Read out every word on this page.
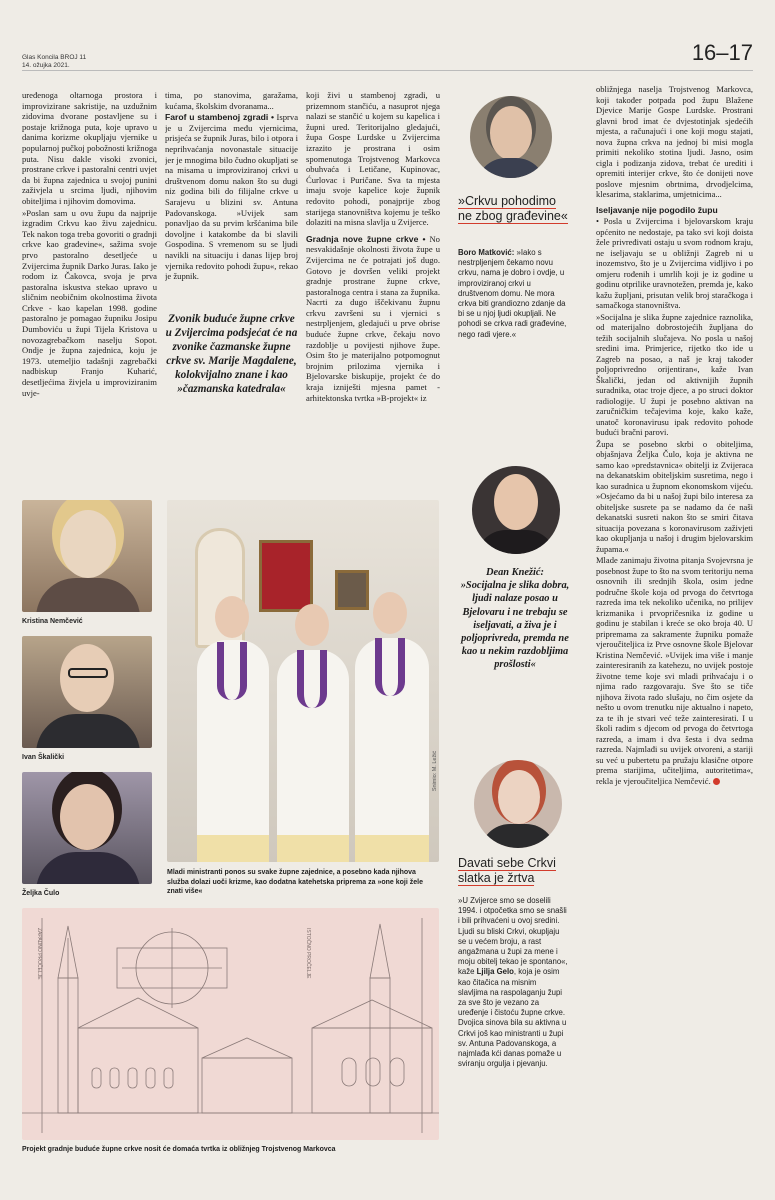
Glas Koncila BROJ 11
14. ožujka 2021.
16–17

uređenoga oltarnoga prostora i improvizirane sakristije, na uzdužnim zidovima dvorane postavljene su i postaje križnoga puta, koje upravo u danima korizme okupljaju vjernike u popularnoj pučkoj pobožnosti križnoga puta. Nisu dakle visoki zvonici, prostrane crkve i pastoralni centri uvjet da bi župna zajednica u svojoj punini zaživjela u srcima ljudi, njihovim obiteljima i njihovim domovima.

»Poslan sam u ovu župu da najprije izgradim Crkvu kao živu zajednicu. Tek nakon toga treba govoriti o gradnji crkve kao građevine«, sažima svoje prvo pastoralno desetljeće u Zvijercima župnik Darko Juras. Iako je rodom iz Čakovca, svoja je prva pastoralna iskustva stekao upravo u sličnim neobičnim okolnostima života Crkve - kao kapelan 1998. godine pastoralno je pomagao župniku Josipu Dumboviću u župi Tijela Kristova u novozagrebačkom naselju Sopot. Ondje je župna zajednica, koju je 1973. utemeljio tadašnji zagrebački nadbiskup Franjo Kuharić, desetljećima živjela u improviziranim uvje-

tima, po stanovima, garažama, kućama, školskim dvoranama...

Farof u stambenoj zgradi • Isprva je u Zvijercima među vjernicima, prisjeća se župnik Juras, bilo i otpora i neprihvaćanja novonastale situacije jer je mnogima bilo čudno okupljati se na misama u improviziranoj crkvi u društvenom domu nakon što su dugi niz godina bili do filijalne crkve u Sarajevu u blizini sv. Antuna Padovanskoga. »Uvijek sam ponavljao da su prvim kršćanima bile dovoljne i katakombe da bi slavili Gospodina. S vremenom su se ljudi navikli na situaciju i danas lijep broj vjernika redovito pohodi župu«, rekao je župnik.

Zvonik buduće župne crkve u Zvijercima podsjećat će na zvonike čazmanske župne crkve sv. Marije Magdalene, kolokvijalno znane i kao »čazmanska katedrala«

koji živi u stambenoj zgradi, u prizemnom stančiću, a nasuprot njega nalazi se stančić u kojem su kapelica i župni ured. Teritorijalno gledajući, župa Gospe Lurdske u Zvijercima izrazito je prostrana i osim spomenutoga Trojstvenog Markovca obuhvaća i Letičane, Kupinovac, Ćurlovac i Puričane. Sva ta mjesta imaju svoje kapelice koje župnik redovito pohodi, ponajprije zbog starijega stanovništva kojemu je teško dolaziti na misna slavlja u Zvijerce.

Gradnja nove župne crkve • No nesvakidašnje okolnosti života župe u Zvijercima ne će potrajati još dugo. Gotovo je dovršen veliki projekt gradnje prostrane župne crkve, pastoralnoga centra i stana za župnika. Nacrti za dugo iščekivanu župnu crkvu završeni su i vjernici s nestrpljenjem, gledajući u prve obrise buduće župne crkve, čekaju novo razdoblje u povijesti njihove župe. Osim što je materijalno potpomognut brojnim prilozima vjernika i Bjelovarske biskupije, projekt će do kraja izniješti mjesna pamet - arhitektonska tvrtka »B-projekt« iz

Kristina Nemčević
Ivan Škalički
Željka Čulo
Snimio: M. Ležić
Mladi ministranti ponos su svake župne zajednice, a posebno kada njihova služba dolazi uoči krizme, kao dodatna katehetska priprema za »one koji žele znati više«
ZAPADNO PROČELJE	ISTOČNO PROČELJE
Projekt gradnje buduće župne crkve nosit će domaća tvrtka iz obližnjeg Trojstvenog Markovca
»Crkvu pohodimo ne zbog građevine«
Boro Matković: »Iako s nestrpljenjem čekamo novu crkvu, nama je dobro i ovdje, u improviziranoj crkvi u društvenom domu. Ne mora crkva biti grandiozno zdanje da bi se u njoj ljudi okupljali. Ne pohodi se crkva radi građevine, nego radi vjere.«
Dean Knežić:
»Socijalna je slika dobra, ljudi nalaze posao u Bjelovaru i ne trebaju se iseljavati, a živa je i poljoprivreda, premda ne kao u nekim razdobljima prošlosti«
Davati sebe Crkvi slatka je žrtva
»U Zvijerce smo se doselili 1994. i otpočetka smo se snašli i bili prihvaćeni u ovoj sredini. Ljudi su bliski Crkvi, okupljaju se u većem broju, a rast angažmana u župi za mene i moju obitelj tekao je spontano«, kaže Ljilja Gelo, koja je osim kao čitačica na misnim slavljima na raspolaganju župi za sve što je vezano za uređenje i čistoću župne crkve. Dvojica sinova bila su aktivna u Crkvi još kao ministranti u župi sv. Antuna Padovanskoga, a najmlađa kći danas pomaže u sviranju orgulja i pjevanju.

obližnjega naselja Trojstvenog Markovca, koji također potpada pod župu Blažene Djevice Marije Gospe Lurdske. Prostrani glavni brod imat će dvjestotinjak sjedećih mjesta, a računajući i one koji mogu stajati, nova župna crkva na jednoj bi misi mogla primiti nekoliko stotina ljudi. Jasno, osim cigla i podizanja zidova, trebat će urediti i opremiti interijer crkve, što će donijeti nove poslove mjesnim obrtnima, drvodjelcima, klesarima, staklarima, umjetnicima...

Iseljavanje nije pogodilo župu

• Posla u Zvijercima i bjelovarskom kraju općenito ne nedostaje, pa tako svi koji doista žele privređivati ostaju u svom rodnom kraju, ne iseljavaju se u obližnji Zagreb ni u inozemstvo, što je u Zvijercima vidljivo i po omjeru rođenih i umrlih koji je iz godine u godinu otprilike uravnotežen, premda je, kako kažu župljani, prisutan velik broj staračkoga i samačkoga stanovništva.

»Socijalna je slika župne zajednice raznolika, od materijalno dobrostojećih župljana do težih socijalnih slučajeva. No posla u našoj sredini ima. Primjerice, rijetko tko ide u Zagreb na posao, a naš je kraj također poljoprivredno orijentiran«, kaže Ivan Škalički, jedan od aktivnijih župnih suradnika, otac troje djece, a po struci doktor radiologije. U župi je posebno aktivan na zaručničkim tečajevima koje, kako kaže, unatoč koronavirusu ipak redovito pohode budući bračni parovi.

Župa se posebno skrbi o obiteljima, objašnjava Željka Čulo, koja je aktivna ne samo kao »predstavnica« obitelji iz Zvijeraca na dekanatskim obiteljskim susretima, nego i kao suradnica u župnom ekonomskom vijeću. »Osjećamo da bi u našoj župi bilo interesa za obiteljske susrete pa se nadamo da će naši dekanatski susreti nakon što se smiri čitava situacija povezana s koronavirusom zaživjeti kao okupljanja u našoj i drugim bjelovarskim župama.«

Mlade zanimaju životna pitanja Svojevrsna je posebnost župe to što na svom teritoriju nema osnovnih ili srednjih škola, osim jedne područne škole koja od prvoga do četvrtoga razreda ima tek nekoliko učenika, no prilijev krizmanika i prvopričesnika iz godine u godinu je stabilan i kreće se oko broja 40. U pripremama za sakramente župniku pomaže vjeroučiteljica iz Prve osnovne škole Bjelovar Kristina Nemčević. »Uvijek ima više i manje zainteresiranih za katehezu, no uvijek postoje životne teme koje svi mladi prihvaćaju i o njima rado razgovaraju. Sve što se tiče njihova života rado slušaju, no čim osjete da nešto u ovom trenutku nije aktualno i napeto, za te ih je stvari već teže zainteresirati. I u školi radim s djecom od prvoga do četvrtoga razreda, a imam i dva šesta i dva sedma razreda. Najmlađi su uvijek otvoreni, a stariji su već u pubertetu pa pružaju klasične otpore prema starijima, učiteljima, autoritetima«, rekla je vjeroučiteljica Nemčević.
